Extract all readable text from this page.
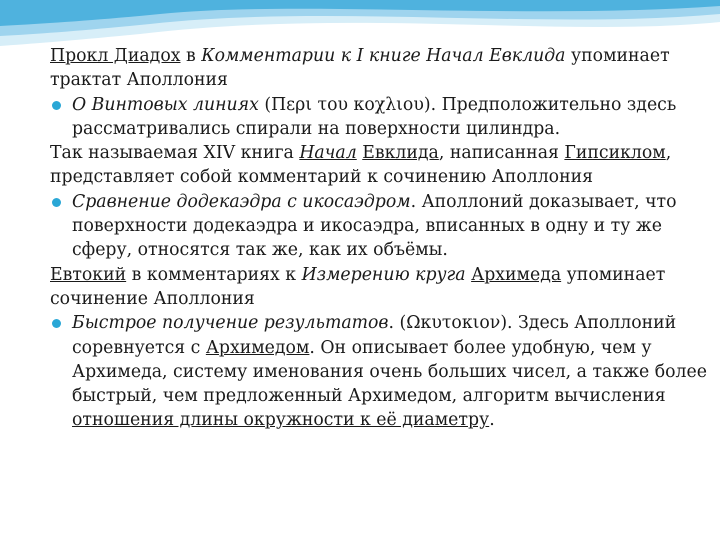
Прокл Диадох в Комментарии к I книге Начал Евклида упоминает трактат Аполлония

О Винтовых линиях (Περι του κοχλιου). Предположительно здесь рассматривались спирали на поверхности цилиндра.

Так называемая XIV книга Начал Евклида, написанная Гипсиклом, представляет собой комментарий к сочинению Аполлония

Сравнение додекаэдра с икосаэдром. Аполлоний доказывает, что поверхности додекаэдра и икосаэдра, вписанных в одну и ту же сферу, относятся так же, как их объёмы.

Евтокий в комментариях к Измерению круга Архимеда упоминает сочинение Аполлония

Быстрое получение результатов. (Ωκυτοκιον). Здесь Аполлоний соревнуется с Архимедом. Он описывает более удобную, чем у Архимеда, систему именования очень больших чисел, а также более быстрый, чем предложенный Архимедом, алгоритм вычисления отношения длины окружности к её диаметру.
